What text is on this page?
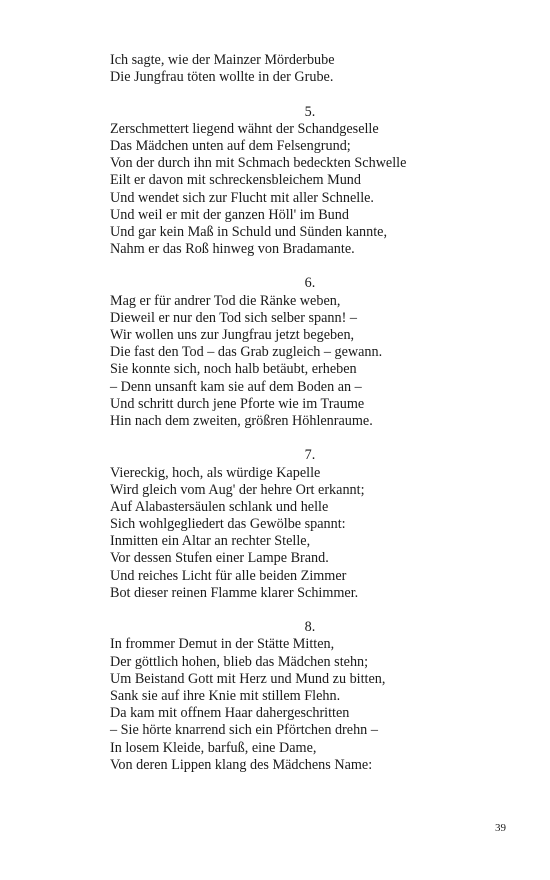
Ich sagte, wie der Mainzer Mörderbube
Die Jungfrau töten wollte in der Grube.
5.
Zerschmettert liegend wähnt der Schandgeselle
Das Mädchen unten auf dem Felsengrund;
Von der durch ihn mit Schmach bedeckten Schwelle
Eilt er davon mit schreckensbleichem Mund
Und wendet sich zur Flucht mit aller Schnelle.
Und weil er mit der ganzen Höll' im Bund
Und gar kein Maß in Schuld und Sünden kannte,
Nahm er das Roß hinweg von Bradamante.
6.
Mag er für andrer Tod die Ränke weben,
Dieweil er nur den Tod sich selber spann! –
Wir wollen uns zur Jungfrau jetzt begeben,
Die fast den Tod – das Grab zugleich – gewann.
Sie konnte sich, noch halb betäubt, erheben
– Denn unsanft kam sie auf dem Boden an –
Und schritt durch jene Pforte wie im Traume
Hin nach dem zweiten, größren Höhlenraume.
7.
Viereckig, hoch, als würdige Kapelle
Wird gleich vom Aug' der hehre Ort erkannt;
Auf Alabastersäulen schlank und helle
Sich wohlgegliedert das Gewölbe spannt:
Inmitten ein Altar an rechter Stelle,
Vor dessen Stufen einer Lampe Brand.
Und reiches Licht für alle beiden Zimmer
Bot dieser reinen Flamme klarer Schimmer.
8.
In frommer Demut in der Stätte Mitten,
Der göttlich hohen, blieb das Mädchen stehn;
Um Beistand Gott mit Herz und Mund zu bitten,
Sank sie auf ihre Knie mit stillem Flehn.
Da kam mit offnem Haar dahergeschritten
– Sie hörte knarrend sich ein Pförtchen drehn –
In losem Kleide, barfuß, eine Dame,
Von deren Lippen klang des Mädchens Name:
39
